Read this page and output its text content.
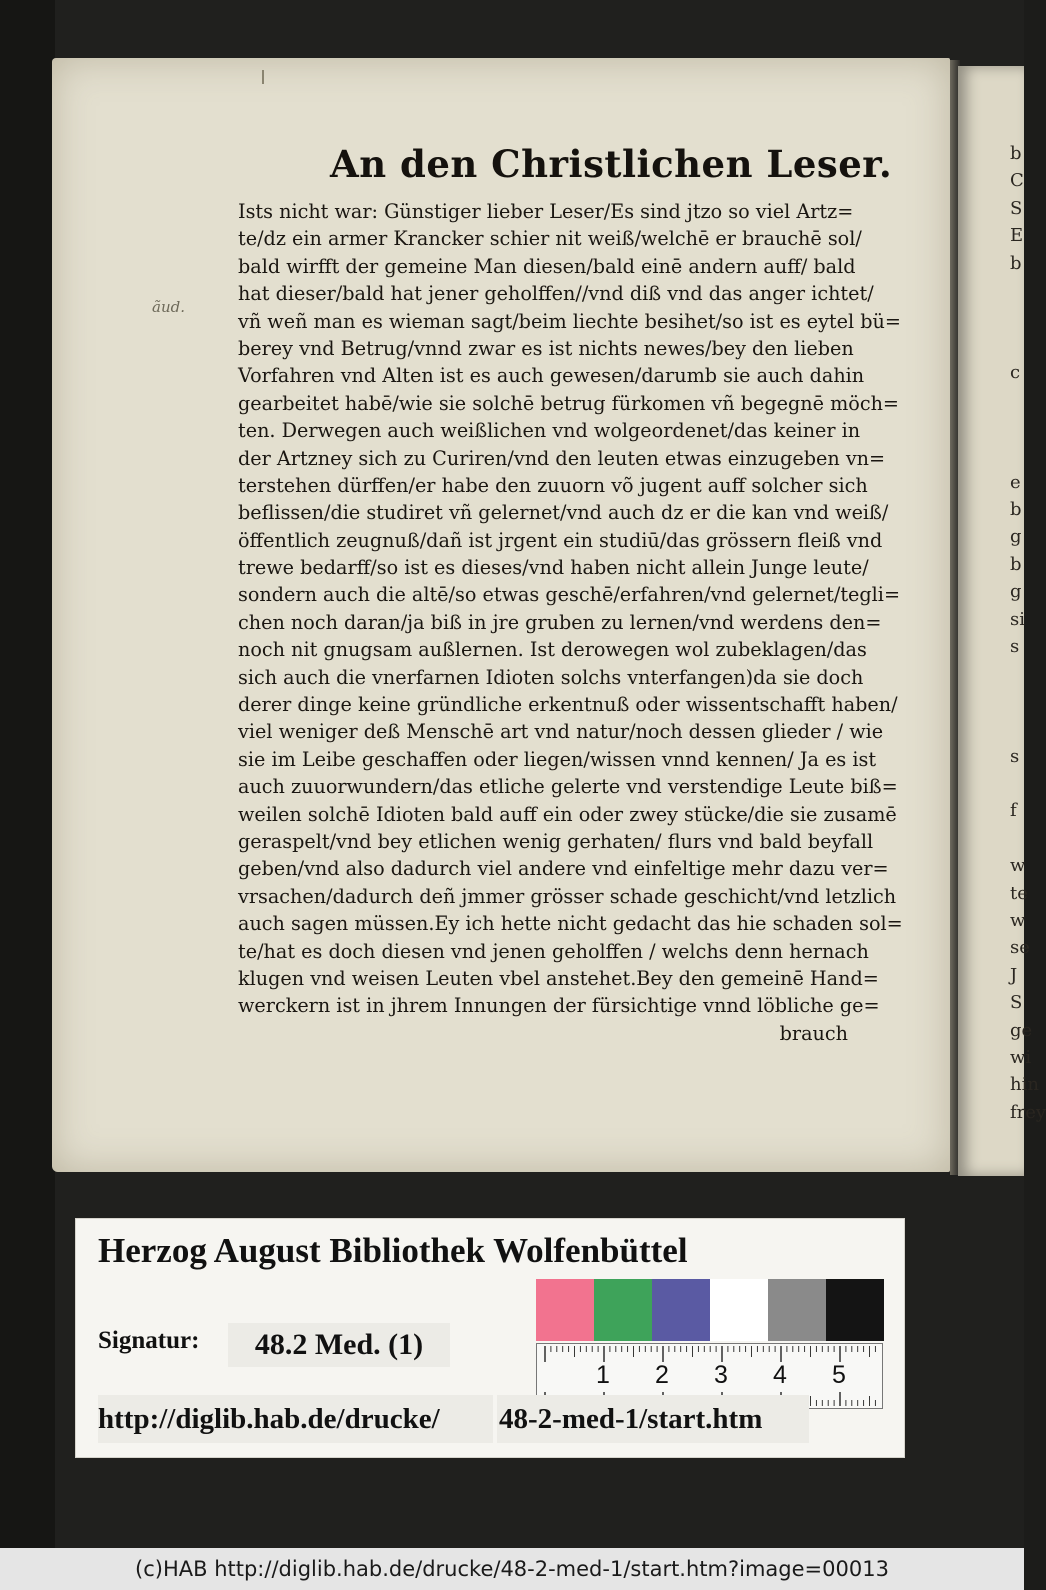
b
C
S
E
b
c
e
b
g
b
g
si
s
s
f
w
te
w
se
J
S
ge
wi
hin
frey
ãud.
An den Christlichen Leser.
Ists nicht war: Günstiger lieber Leser/Es sind jtzo so viel Artz=
te/dz ein armer Krancker schier nit weiß/welchē er brauchē sol/
bald wirfft der gemeine Man diesen/bald einē andern auff/ bald
hat dieser/bald hat jener geholffen//vnd diß vnd das anger ichtet/
vñ weñ man es wieman sagt/beim liechte besihet/so ist es eytel bü=
berey vnd Betrug/vnnd zwar es ist nichts newes/bey den lieben
Vorfahren vnd Alten ist es auch gewesen/darumb sie auch dahin
gearbeitet habē/wie sie solchē betrug fürkomen vñ begegnē möch=
ten. Derwegen auch weißlichen vnd wolgeordenet/das keiner in
der Artzney sich zu Curiren/vnd den leuten etwas einzugeben vn=
terstehen dürffen/er habe den zuuorn võ jugent auff solcher sich
beflissen/die studiret vñ gelernet/vnd auch dz er die kan vnd weiß/
öffentlich zeugnuß/dañ ist jrgent ein studiū/das grössern fleiß vnd
trewe bedarff/so ist es dieses/vnd haben nicht allein Junge leute/
sondern auch die altē/so etwas geschē/erfahren/vnd gelernet/tegli=
chen noch daran/ja biß in jre gruben zu lernen/vnd werdens den=
noch nit gnugsam außlernen. Ist derowegen wol zubeklagen/das
sich auch die vnerfarnen Idioten solchs vnterfangen)da sie doch
derer dinge keine gründliche erkentnuß oder wissentschafft haben/
viel weniger deß Menschē art vnd natur/noch dessen glieder / wie
sie im Leibe geschaffen oder liegen/wissen vnnd kennen/ Ja es ist
auch zuuorwundern/das etliche gelerte vnd verstendige Leute biß=
weilen solchē Idioten bald auff ein oder zwey stücke/die sie zusamē
geraspelt/vnd bey etlichen wenig gerhaten/ flurs vnd bald beyfall
geben/vnd also dadurch viel andere vnd einfeltige mehr dazu ver=
vrsachen/dadurch deñ jmmer grösser schade geschicht/vnd letzlich
auch sagen müssen.Ey ich hette nicht gedacht das hie schaden sol=
te/hat es doch diesen vnd jenen geholffen / welchs denn hernach
klugen vnd weisen Leuten vbel anstehet.Bey den gemeinē Hand=
werckern ist in jhrem Innungen der fürsichtige vnnd löbliche ge=
brauch
Herzog August Bibliothek Wolfenbüttel
Signatur:	48.2 Med. (1)
1 2 3 4 5
http://diglib.hab.de/drucke/	48-2-med-1/start.htm
(c)HAB http://diglib.hab.de/drucke/48-2-med-1/start.htm?image=00013
